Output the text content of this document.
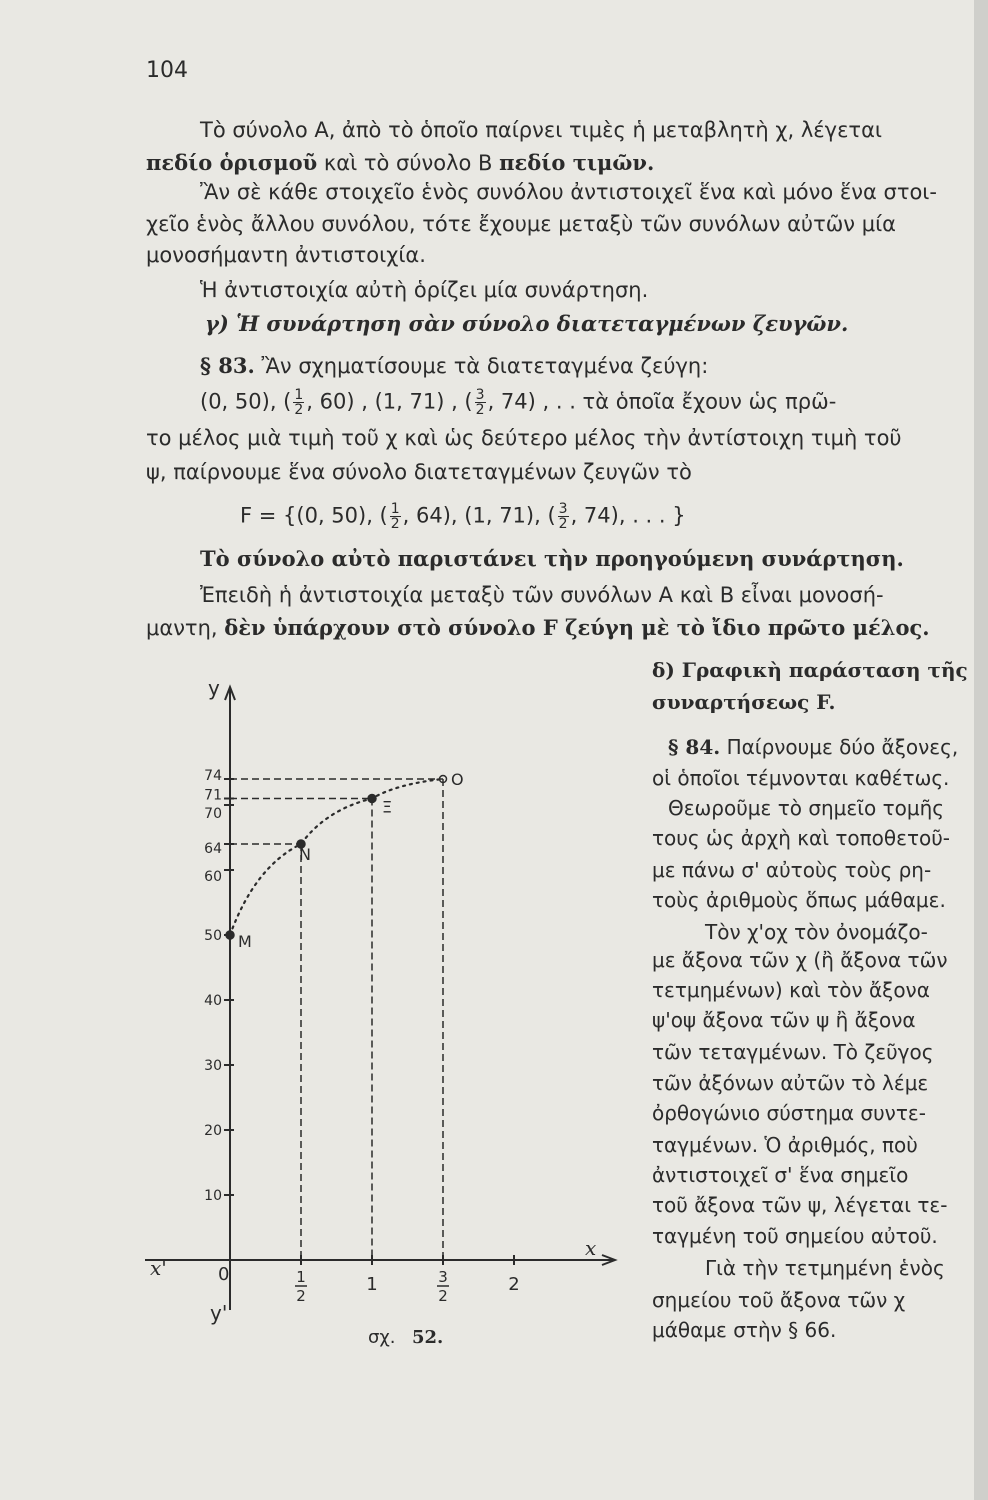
104
Τὸ σύνολο Α, ἀπὸ τὸ ὁποῖο παίρνει τιμὲς ἡ μεταβλητὴ χ, λέγεται
πεδίο ὁρισμοῦ καὶ τὸ σύνολο Β πεδίο τιμῶν.
Ἂν σὲ κάθε στοιχεῖο ἑνὸς συνόλου ἀντιστοιχεῖ ἕνα καὶ μόνο ἕνα στοι-
χεῖο ἑνὸς ἄλλου συνόλου, τότε ἔχουμε μεταξὺ τῶν συνόλων αὐτῶν μία
μονοσήμαντη ἀντιστοιχία.
Ἡ ἀντιστοιχία αὐτὴ ὁρίζει μία συνάρτηση.
γ) Ἡ συνάρτηση σὰν σύνολο διατεταγμένων ζευγῶν.
§ 83. Ἂν σχηματίσουμε τὰ διατεταγμένα ζεύγη:
(0, 50), ( $\frac{1}{2}$ , 60) , (1, 71) , ( $\frac{3}{2}$ , 74) , . . τὰ ὁποῖα ἔχουν ὡς πρῶ-
το μέλος μιὰ τιμὴ τοῦ χ καὶ ὡς δεύτερο μέλος τὴν ἀντίστοιχη τιμὴ τοῦ
ψ, παίρνουμε ἕνα σύνολο διατεταγμένων ζευγῶν τὸ
F = {(0, 50), ( $\frac{1}{2}$ , 64), (1, 71), ( $\frac{3}{2}$ , 74), . . . }
Τὸ σύνολο αὐτὸ παριστάνει τὴν προηγούμενη συνάρτηση.
Ἐπειδὴ ἡ ἀντιστοιχία μεταξὺ τῶν συνόλων Α καὶ Β εἶναι μονοσή-
μαντη, δὲν ὑπάρχουν στὸ σύνολο F ζεύγη μὲ τὸ ἴδιο πρῶτο μέλος.
δ) Γραφικὴ παράσταση τῆς
συναρτήσεως F.
§ 84. Παίρνουμε δύο ἄξονες,
οἱ ὁποῖοι τέμνονται καθέτως.
Θεωροῦμε τὸ σημεῖο τομῆς
τους ὡς ἀρχὴ καὶ τοποθετοῦ-
με πάνω σ' αὐτοὺς τοὺς ρη-
τοὺς ἀριθμοὺς ὅπως μάθαμε.
Τὸν χ'οχ τὸν ὀνομάζο-
με ἄξονα τῶν χ (ἢ ἄξονα τῶν
τετμημένων) καὶ τὸν ἄξονα
ψ'οψ ἄξονα τῶν ψ ἢ ἄξονα
τῶν τεταγμένων. Τὸ ζεῦγος
τῶν ἀξόνων αὐτῶν τὸ λέμε
ὀρθογώνιο σύστημα συντε-
ταγμένων. Ὁ ἀριθμός, ποὺ
ἀντιστοιχεῖ σ' ἕνα σημεῖο
τοῦ ἄξονα τῶν ψ, λέγεται τε-
ταγμένη τοῦ σημείου αὐτοῦ.
Γιὰ τὴν τετμημένη ἑνὸς
σημείου τοῦ ἄξονα τῶν χ
μάθαμε στὴν § 66.
10
20
30
40
50
60
64
70
71
74
1	2
1
2
3
2
M
N
Ξ
O
y
y'
x
x'	0
σχ. 52.
